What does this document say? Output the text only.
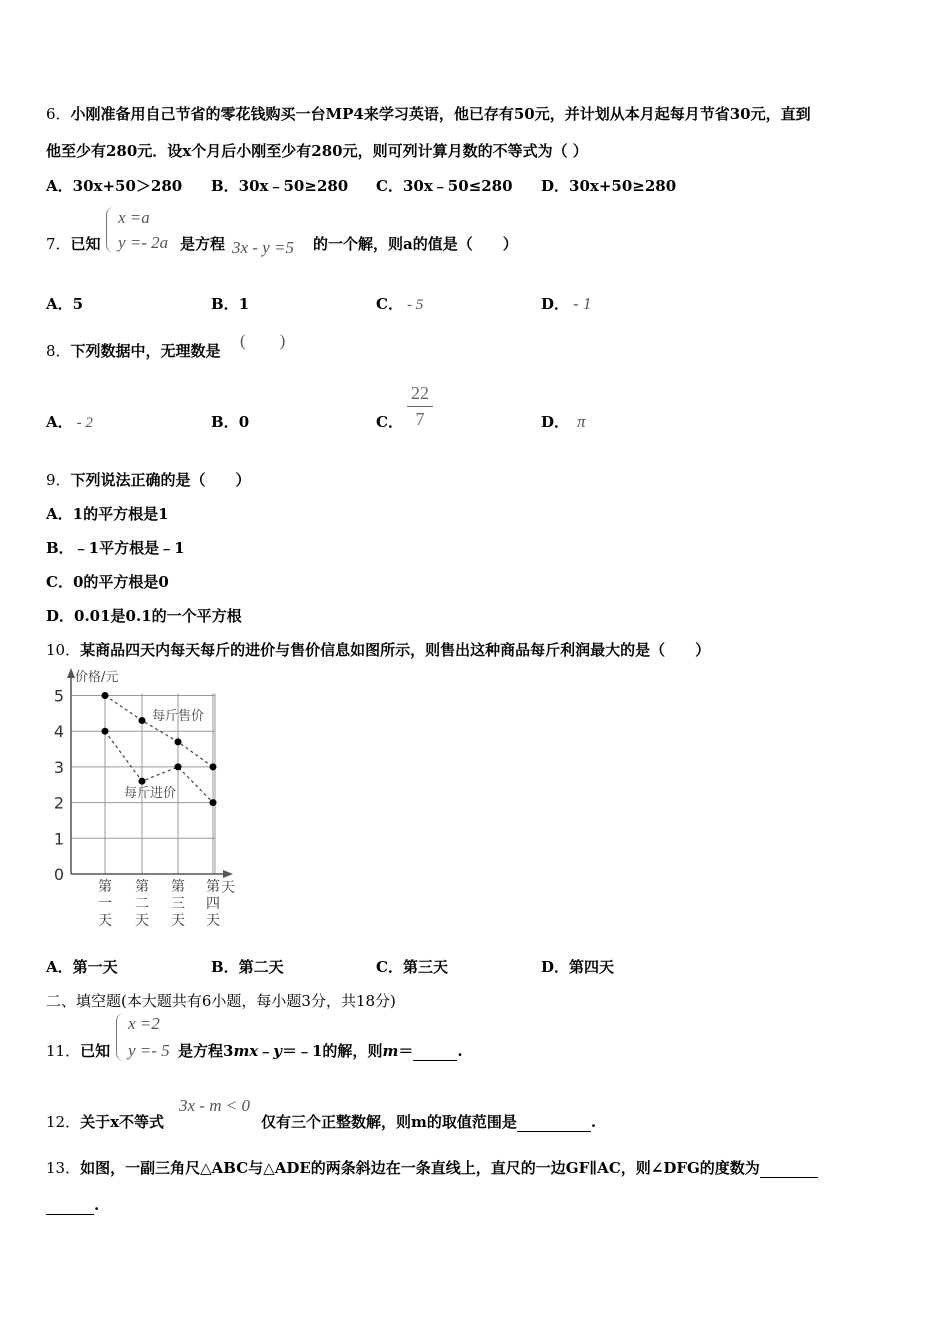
6．小刚准备用自己节省的零花钱购买一台MP4来学习英语，他已存有50元，并计划从本月起每月节省30元，直到
他至少有280元．设x个月后小刚至少有280元，则可列计算月数的不等式为（ ）
A．30x+50＞280 B．30x﹣50≥280 C．30x﹣50≤280 D．30x+50≥280
7．已知
x =a
y =- 2a 是方程 3x - y =5 的一个解，则a的值是（　　）
A．5	B．1	C． - 5	D． - 1
8．下列数据中，无理数是
(　　)
A． - 2	B．0	C．
22
7	D． π
9．下列说法正确的是（　　）
A．1的平方根是1
B．﹣1平方根是﹣1
C．0的平方根是0
D．0.01是0.1的一个平方根
10．某商品四天内每天每斤的进价与售价信息如图所示，则售出这种商品每斤利润最大的是（　　）
价格/元
天
0
1
2
3
4
5
第
一
天
第
二
天
第
三
天
第
四
天
每斤售价
每斤进价
A．第一天	B．第二天	C．第三天	D．第四天
二、填空题(本大题共有6小题，每小题3分，共18分)
11．已知
x =2
y =- 5 是方程3mx﹣y＝﹣1的解，则m＝	.
12．关于x不等式
3x - m < 0
仅有三个正整数解，则m的取值范围是	.
13．如图，一副三角尺△ABC与△ADE的两条斜边在一条直线上，直尺的一边GF∥AC，则∠DFG的度数为
.
